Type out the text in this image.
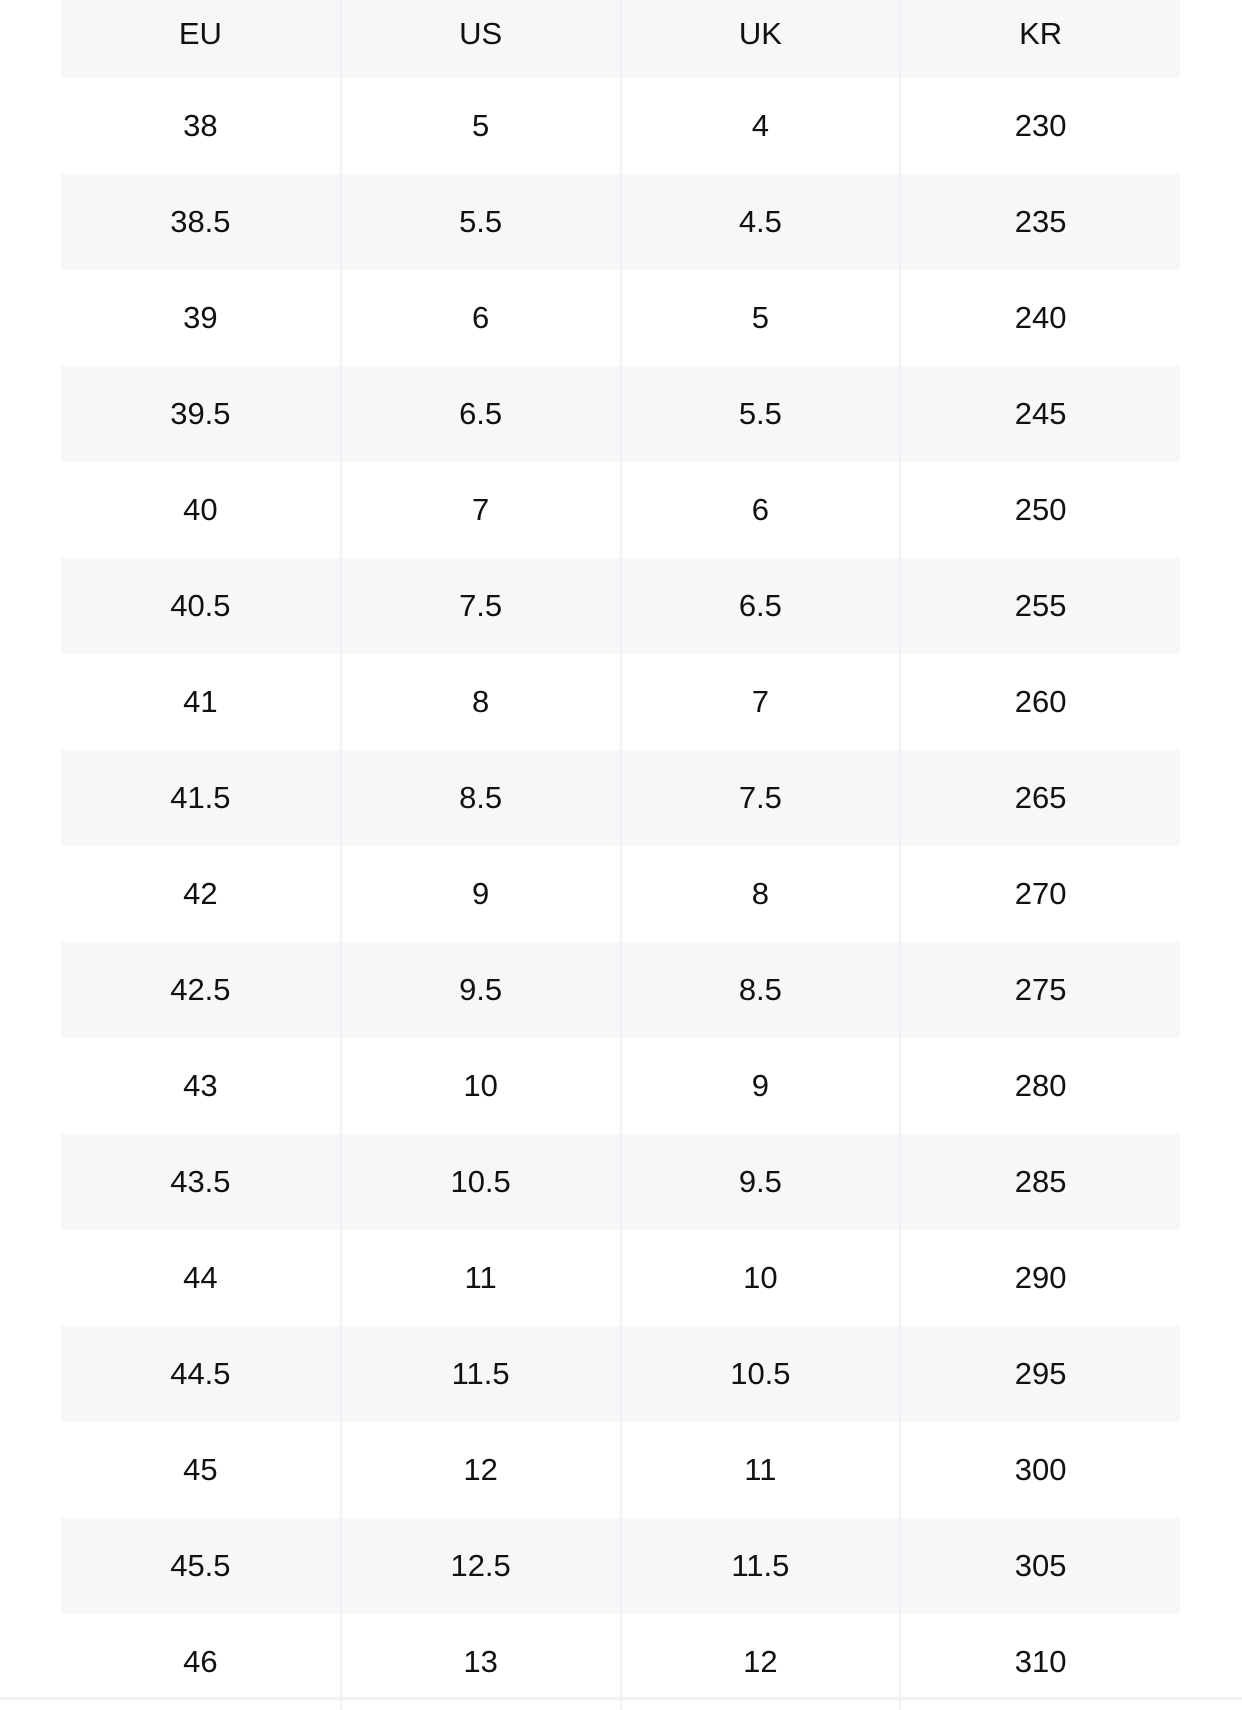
EU	US	UK	KR
38	5	4	230
38.5	5.5	4.5	235
39	6	5	240
39.5	6.5	5.5	245
40	7	6	250
40.5	7.5	6.5	255
41	8	7	260
41.5	8.5	7.5	265
42	9	8	270
42.5	9.5	8.5	275
43	10	9	280
43.5	10.5	9.5	285
44	11	10	290
44.5	11.5	10.5	295
45	12	11	300
45.5	12.5	11.5	305
46	13	12	310
